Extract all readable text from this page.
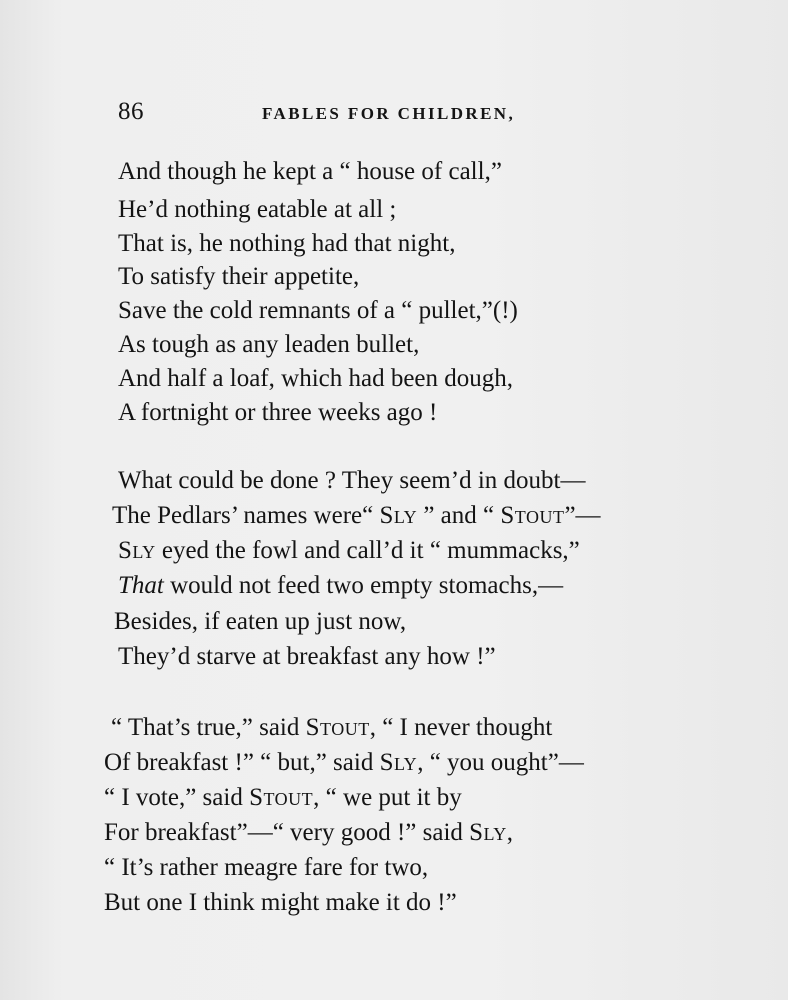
86	FABLES FOR CHILDREN,
And though he kept a “ house of call,”
He’d nothing eatable at all ;
That is, he nothing had that night,
To satisfy their appetite,
Save the cold remnants of a “ pullet,”(!)
As tough as any leaden bullet,
And half a loaf, which had been dough,
A fortnight or three weeks ago !
What could be done ? They seem’d in doubt—
The Pedlars’ names were“ Sly ” and “ Stout”—
Sly eyed the fowl and call’d it “ mummacks,”
That would not feed two empty stomachs,—
Besides, if eaten up just now,
They’d starve at breakfast any how !”
“ That’s true,” said Stout, “ I never thought
Of breakfast !” “ but,” said Sly, “ you ought”—
“ I vote,” said Stout, “ we put it by
For breakfast”—“ very good !” said Sly,
“ It’s rather meagre fare for two,
But one I think might make it do !”
